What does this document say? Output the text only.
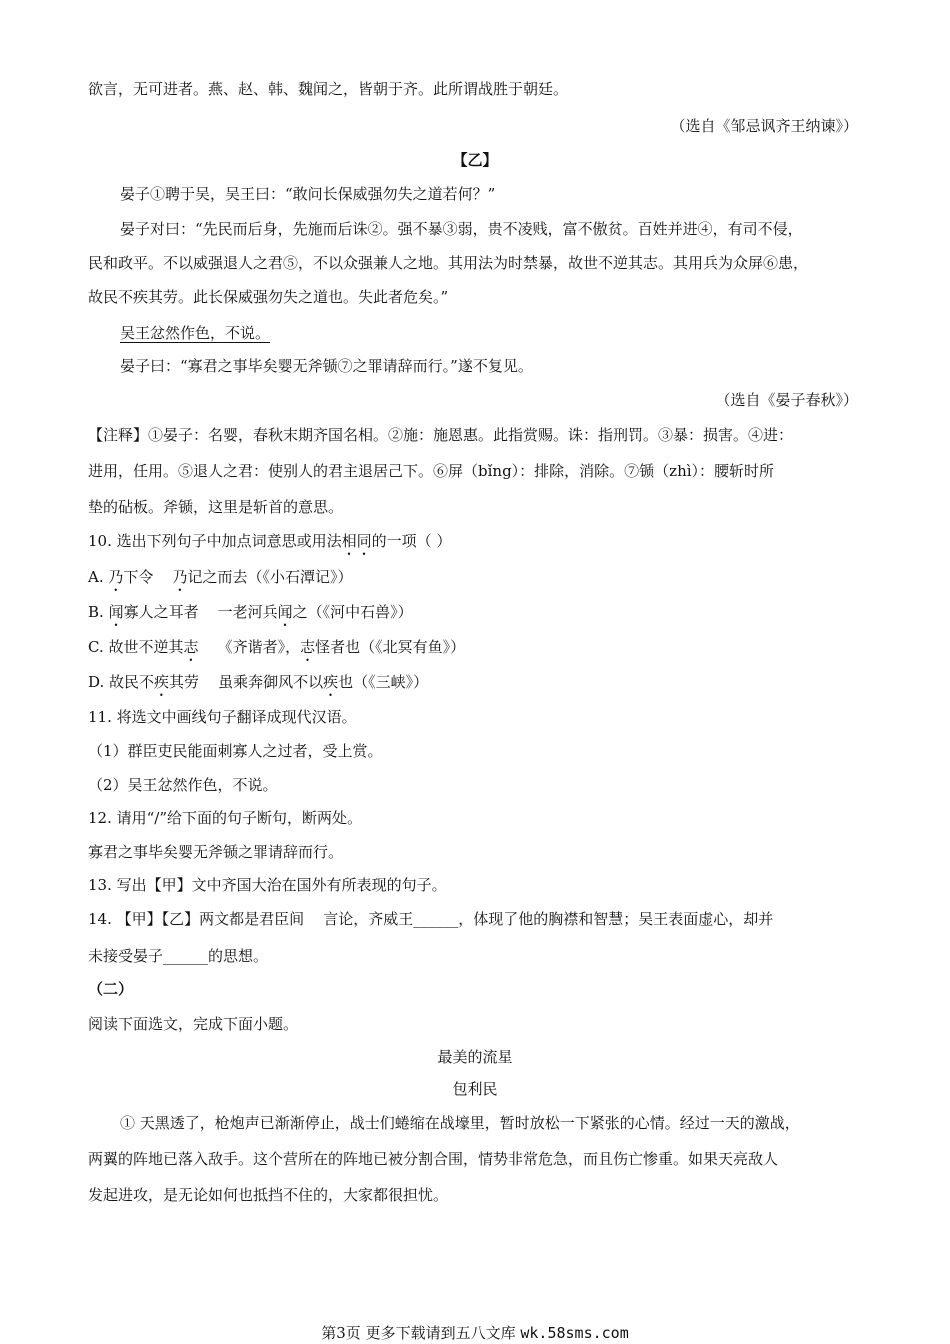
欲言，无可进者。燕、赵、韩、魏闻之，皆朝于齐。此所谓战胜于朝廷。
（选自《邹忌讽齐王纳谏》）
【乙】
晏子①聘于吴，吴王曰：“敢问长保威强勿失之道若何？”
晏子对曰：“先民而后身，先施而后诛②。强不暴③弱，贵不凌贱，富不傲贫。百姓并进④，有司不侵，
民和政平。不以威强退人之君⑤，不以众强兼人之地。其用法为时禁暴，故世不逆其志。其用兵为众屏⑥患，
故民不疾其劳。此长保威强勿失之道也。失此者危矣。”
吴王忿然作色，不说。
晏子曰：“寡君之事毕矣婴无斧锧⑦之罪请辞而行。”遂不复见。
（选自《晏子春秋》）
【注释】①晏子：名婴，春秋末期齐国名相。②施：施恩惠。此指赏赐。诛：指刑罚。③暴：损害。④进：
进用，任用。⑤退人之君：使别人的君主退居己下。⑥屏（bǐng）：排除，消除。⑦锧（zhì）：腰斩时所
垫的砧板。斧锧，这里是斩首的意思。
10. 选出下列句子中加点词意思或用法相同的一项（ ）
A. 乃下令    乃记之而去（《小石潭记》）
B. 闻寡人之耳者    一老河兵闻之（《河中石兽》）
C. 故世不逆其志    《齐谐者》，志怪者也（《北冥有鱼》）
D. 故民不疾其劳    虽乘奔御风不以疾也（《三峡》）
11. 将选文中画线句子翻译成现代汉语。
（1）群臣吏民能面刺寡人之过者，受上赏。
（2）吴王忿然作色，不说。
12. 请用“/”给下面的句子断句，断两处。
寡君之事毕矣婴无斧锧之罪请辞而行。
13. 写出【甲】文中齐国大治在国外有所表现的句子。
14. 【甲】【乙】两文都是君臣间    言论，齐威王______，体现了他的胸襟和智慧；吴王表面虚心，却并
未接受晏子______的思想。
（二）
阅读下面选文，完成下面小题。
最美的流星
包利民
① 天黑透了，枪炮声已渐渐停止，战士们蜷缩在战壕里，暂时放松一下紧张的心情。经过一天的激战，
两翼的阵地已落入敌手。这个营所在的阵地已被分割合围，情势非常危急，而且伤亡惨重。如果天亮敌人
发起进攻，是无论如何也抵挡不住的，大家都很担忧。
第3页 更多下载请到五八文库 wk.58sms.com
